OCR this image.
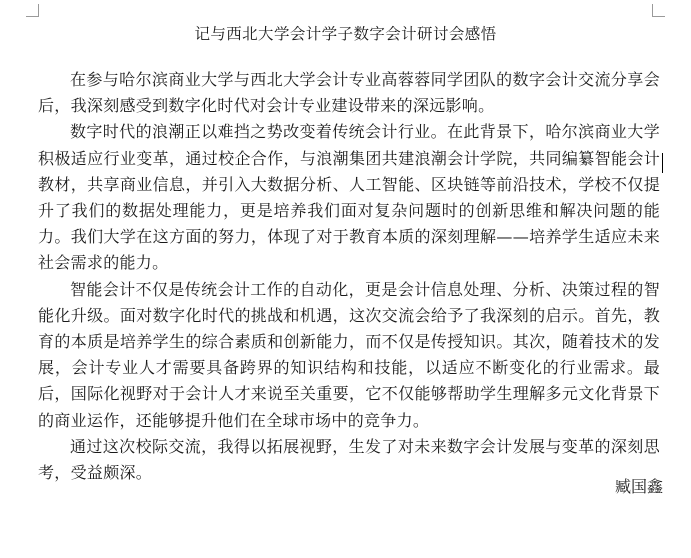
记与西北大学会计学子数字会计研讨会感悟

在参与哈尔滨商业大学与西北大学会计专业高蓉蓉同学团队的数字会计交流分享会后，我深刻感受到数字化时代对会计专业建设带来的深远影响。

数字时代的浪潮正以难挡之势改变着传统会计行业。在此背景下，哈尔滨商业大学积极适应行业变革，通过校企合作，与浪潮集团共建浪潮会计学院，共同编纂智能会计教材，共享商业信息，并引入大数据分析、人工智能、区块链等前沿技术，学校不仅提升了我们的数据处理能力，更是培养我们面对复杂问题时的创新思维和解决问题的能力。我们大学在这方面的努力，体现了对于教育本质的深刻理解——培养学生适应未来社会需求的能力。

智能会计不仅是传统会计工作的自动化，更是会计信息处理、分析、决策过程的智能化升级。面对数字化时代的挑战和机遇，这次交流会给予了我深刻的启示。首先，教育的本质是培养学生的综合素质和创新能力，而不仅是传授知识。其次，随着技术的发展，会计专业人才需要具备跨界的知识结构和技能，以适应不断变化的行业需求。最后，国际化视野对于会计人才来说至关重要，它不仅能够帮助学生理解多元文化背景下的商业运作，还能够提升他们在全球市场中的竞争力。

通过这次校际交流，我得以拓展视野，生发了对未来数字会计发展与变革的深刻思考，受益颇深。

臧国鑫
